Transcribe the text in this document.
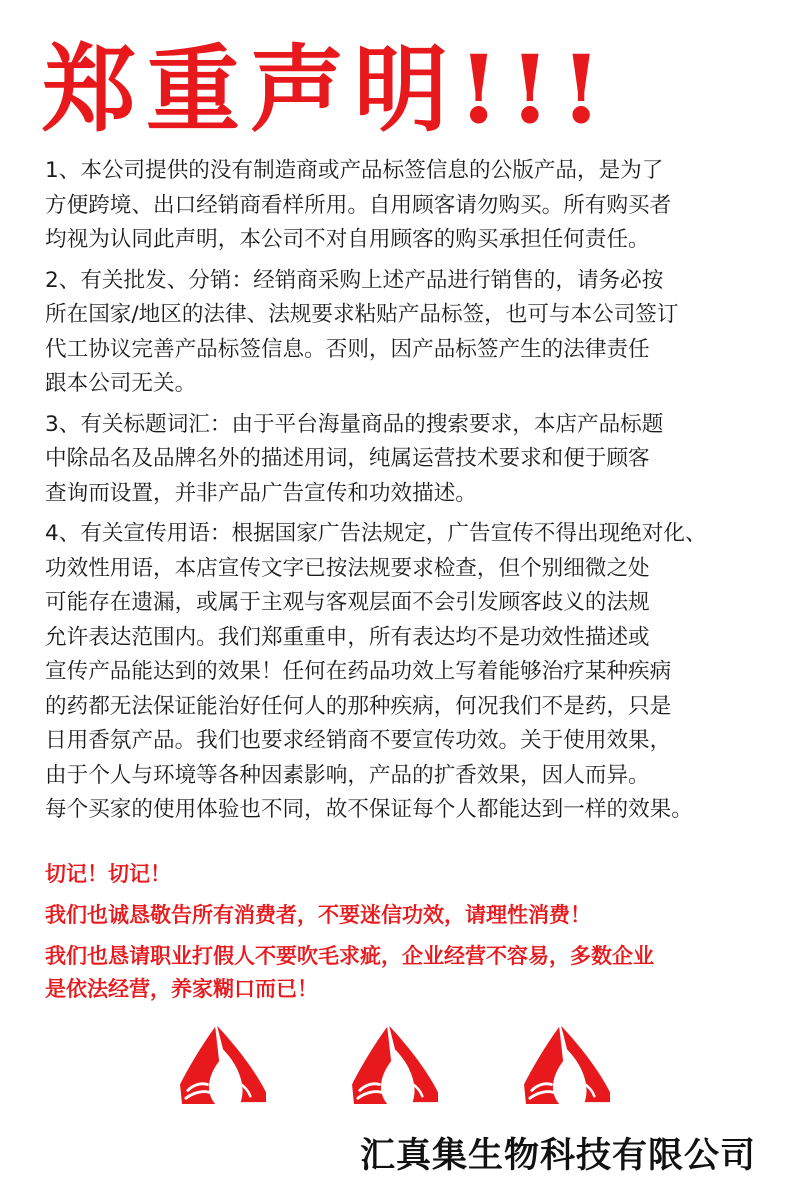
郑重声明!!!
1、本公司提供的没有制造商或产品标签信息的公版产品，是为了
方便跨境、出口经销商看样所用。自用顾客请勿购买。所有购买者
均视为认同此声明，本公司不对自用顾客的购买承担任何责任。
2、有关批发、分销：经销商采购上述产品进行销售的，请务必按
所在国家/地区的法律、法规要求粘贴产品标签，也可与本公司签订
代工协议完善产品标签信息。否则，因产品标签产生的法律责任
跟本公司无关。
3、有关标题词汇：由于平台海量商品的搜索要求，本店产品标题
中除品名及品牌名外的描述用词，纯属运营技术要求和便于顾客
查询而设置，并非产品广告宣传和功效描述。
4、有关宣传用语：根据国家广告法规定，广告宣传不得出现绝对化、
功效性用语，本店宣传文字已按法规要求检查，但个别细微之处
可能存在遗漏，或属于主观与客观层面不会引发顾客歧义的法规
允许表达范围内。我们郑重重申，所有表达均不是功效性描述或
宣传产品能达到的效果！任何在药品功效上写着能够治疗某种疾病
的药都无法保证能治好任何人的那种疾病，何况我们不是药，只是
日用香氛产品。我们也要求经销商不要宣传功效。关于使用效果，
由于个人与环境等各种因素影响，产品的扩香效果，因人而异。
每个买家的使用体验也不同，故不保证每个人都能达到一样的效果。
切记！切记！
我们也诚恳敬告所有消费者，不要迷信功效，请理性消费！
我们也恳请职业打假人不要吹毛求疵，企业经营不容易，多数企业
是依法经营，养家糊口而已！

汇真集生物科技有限公司
